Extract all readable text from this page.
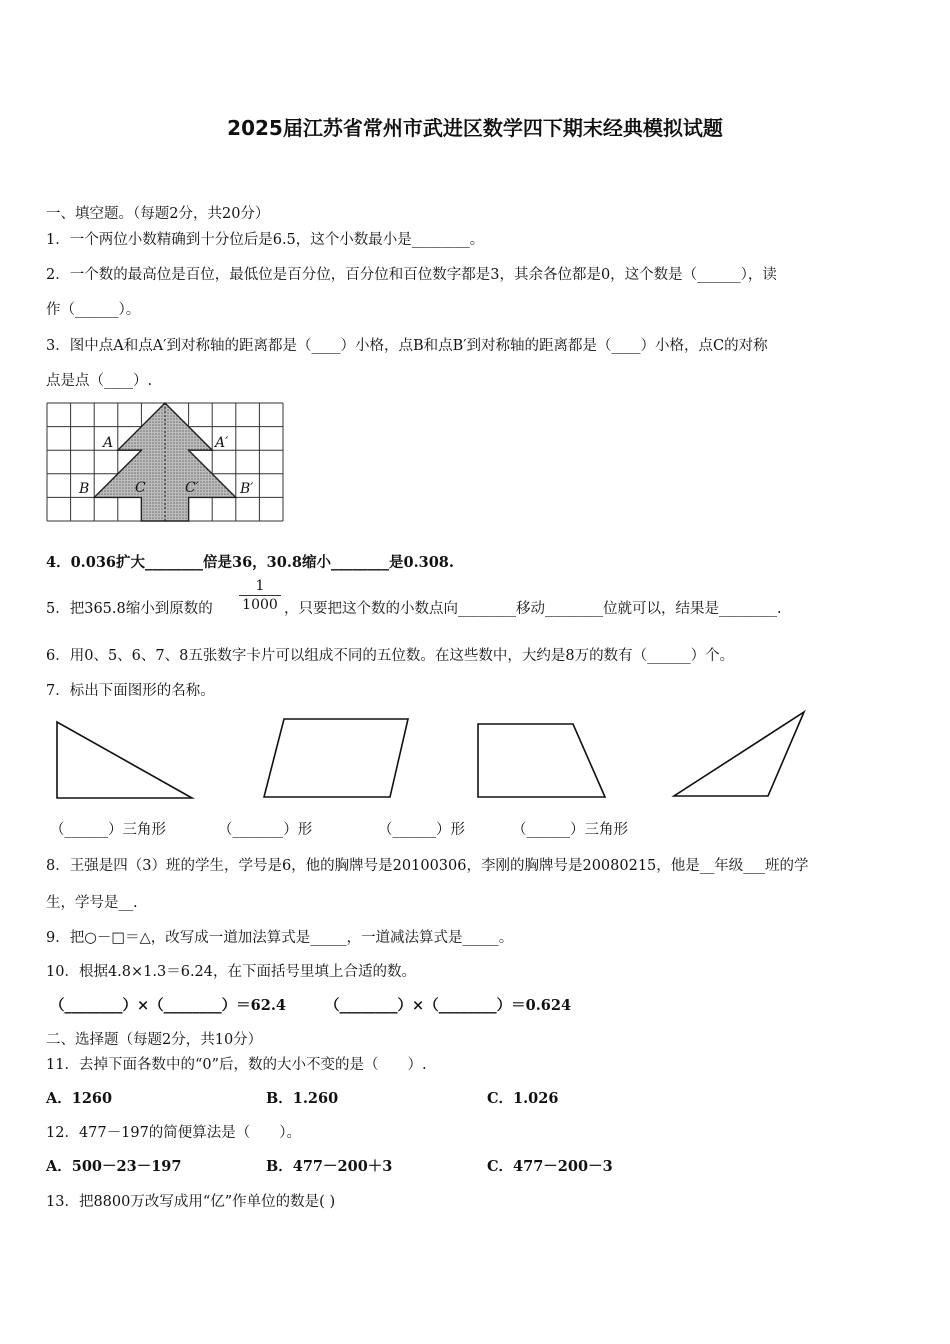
2025届江苏省常州市武进区数学四下期末经典模拟试题
一、填空题。（每题2分，共20分）
1．一个两位小数精确到十分位后是6.5，这个小数最小是________。
2．一个数的最高位是百位，最低位是百分位，百分位和百位数字都是3，其余各位都是0，这个数是（______），读
作（______）。
3．图中点A和点A′到对称轴的距离都是（____）小格，点B和点B′到对称轴的距离都是（____）小格，点C的对称
点是点（____）.
A	A′
B	B′
C	C′
4．0.036扩大________倍是36，30.8缩小________是0.308.
5．把365.8缩小到原数的
1
1000 ，只要把这个数的小数点向________移动________位就可以，结果是________.
6．用0、5、6、7、8五张数字卡片可以组成不同的五位数。在这些数中，大约是8万的数有（______）个。
7．标出下面图形的名称。
（______）三角形	（_______）形	（______）形	（______）三角形
8．王强是四（3）班的学生，学号是6，他的胸牌号是20100306，李刚的胸牌号是20080215，他是__年级___班的学
生，学号是__.
9．把○－□＝△，改写成一道加法算式是_____，一道减法算式是_____。
10．根据4.8×1.3＝6.24，在下面括号里填上合适的数。
（________）×（________）＝62.4	（________）×（________）＝0.624
二、选择题（每题2分，共10分）
11．去掉下面各数中的“0”后，数的大小不变的是（　　）.
A．1260	B．1.260	C．1.026
12．477－197的简便算法是（　　）。
A．500－23－197	B．477－200＋3	C．477－200－3
13．把8800万改写成用“亿”作单位的数是( )
